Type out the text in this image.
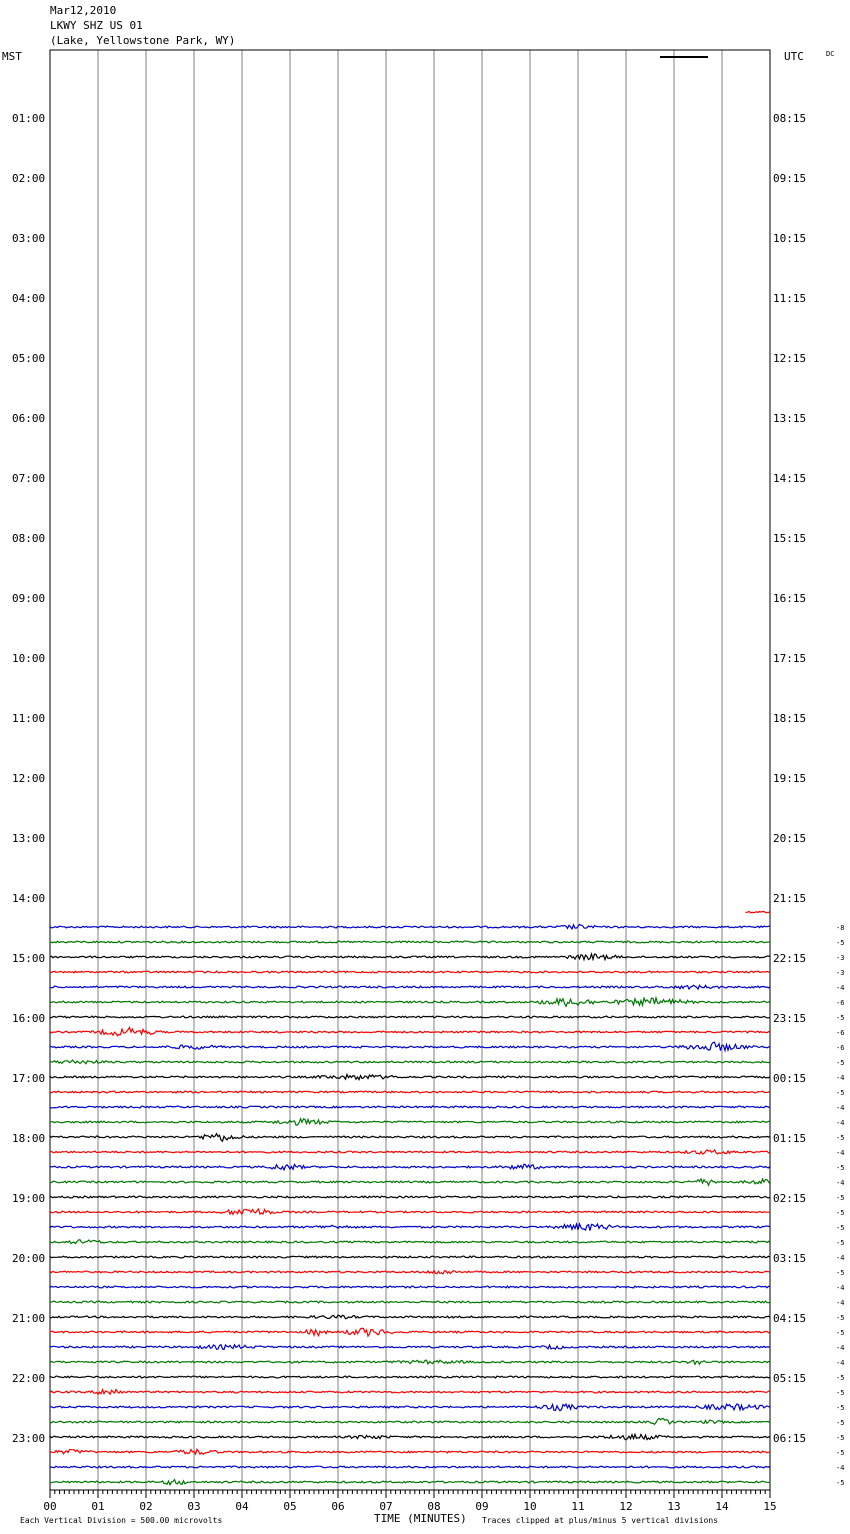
Mar12,2010
LKWY SHZ US 01
(Lake, Yellowstone Park, WY)
01:00
02:00
03:00
04:00
05:00
06:00
07:00
08:00
09:00
10:00
11:00
12:00
13:00
14:00
15:00
16:00
17:00
18:00
19:00
20:00
21:00
22:00
23:00
08:15
09:15
10:15
11:15
12:15
13:15
14:15
15:15
16:15
17:15
18:15
19:15
20:15
21:15
22:15
23:15
00:15
01:15
02:15
03:15
04:15
05:15
06:15
-8
-5
-3
-3
-4
-6
-5
-6
-6
-5
-4
-5
-4
-4
-5
-4
-5
-4
-5
-5
-5
-5
-4
-5
-4
-4
-5
-5
-4
-4
-5
-5
-5
-5
-5
-5
-4
-5
00	01	02	03	04	05	06	07	08	09	10	11	12	13	14	15
MST	UTC	DC
TIME (MINUTES)
Each Vertical Division = 500.00 microvolts	Traces clipped at plus/minus 5 vertical divisions
